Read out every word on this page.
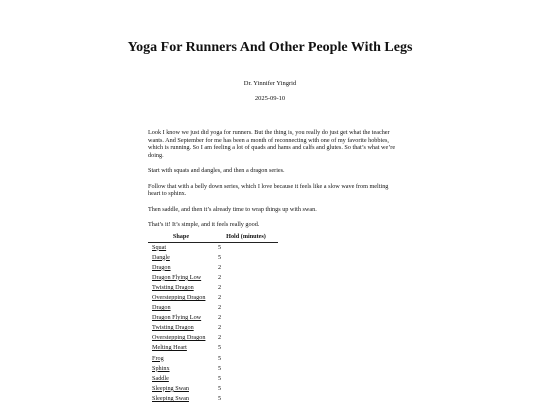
Yoga For Runners And Other People With Legs
Dr. Yinnifer Yingrid
2025-09-10

Look I know we just did yoga for runners. But the thing is, you really do just get what the teacher wants. And September for me has been a month of reconnecting with one of my favorite hobbies, which is running. So I am feeling a lot of quads and hams and calfs and glutes. So that’s what we’re doing.

Start with squats and dangles, and then a dragon series.

Follow that with a belly down series, which I love because it feels like a slow wave from melting heart to sphinx.

Then saddle, and then it’s already time to wrap things up with swan.

That’s it! It’s simple, and it feels really good.

Shape	Hold (minutes)
Squat	5
Dangle	5
Dragon	2
Dragon Flying Low	2
Twisting Dragon	2
Overstepping Dragon	2
Dragon	2
Dragon Flying Low	2
Twisting Dragon	2
Overstepping Dragon	2
Melting Heart	5
Frog	5
Sphinx	5
Saddle	5
Sleeping Swan	5
Sleeping Swan	5
